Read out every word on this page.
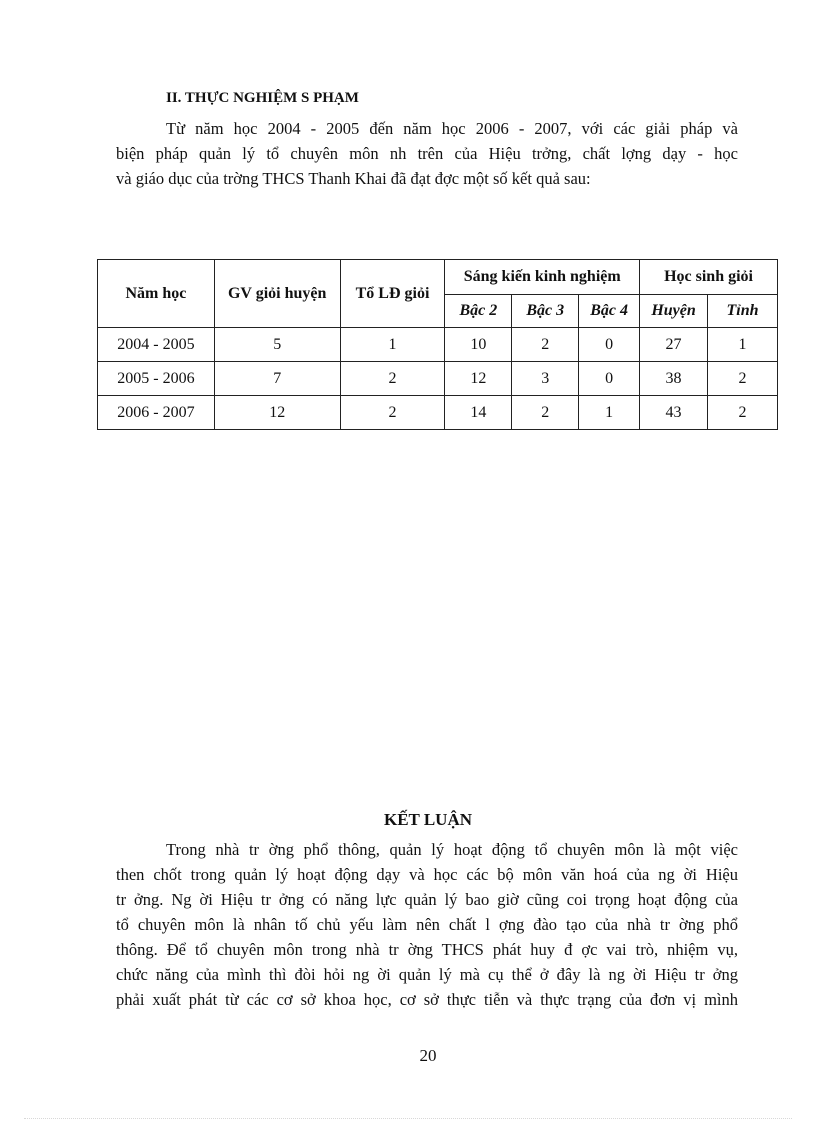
II. THỰC NGHIỆM S PHẠM

Từ năm học 2004 - 2005 đến năm học 2006 - 2007, với các giải pháp và
biện pháp quản lý tổ chuyên môn nh trên của Hiệu trởng, chất lợng dạy - học
và giáo dục của trờng THCS Thanh Khai đã đạt đợc một số kết quả sau:

Năm học	GV giỏi huyện	Tổ LĐ giỏi	Sáng kiến kinh nghiệm			Học sinh giỏi	
			Bậc 2	Bậc 3	Bậc 4	Huyện	Tỉnh
2004 - 2005	5	1	10	2	0	27	1
2005 - 2006	7	2	12	3	0	38	2
2006 - 2007	12	2	14	2	1	43	2
KẾT LUẬN

Trong nhà tr ờng phổ thông, quản lý hoạt động tổ chuyên môn là một việc
then chốt trong quản lý hoạt động dạy và học các bộ môn văn hoá của ng ời Hiệu
tr ởng. Ng ời Hiệu tr ởng có năng lực quản lý bao giờ cũng coi trọng hoạt động của
tổ chuyên môn là nhân tố chủ yếu làm nên chất l ợng đào tạo của nhà tr ờng phổ
thông. Để tổ chuyên môn trong nhà tr ờng THCS phát huy đ ợc vai trò, nhiệm vụ,
chức năng của mình thì đòi hỏi ng ời quản lý mà cụ thể ở đây là ng ời Hiệu tr ởng
phải xuất phát từ các cơ sở khoa học, cơ sở thực tiễn và thực trạng của đơn vị mình

20
